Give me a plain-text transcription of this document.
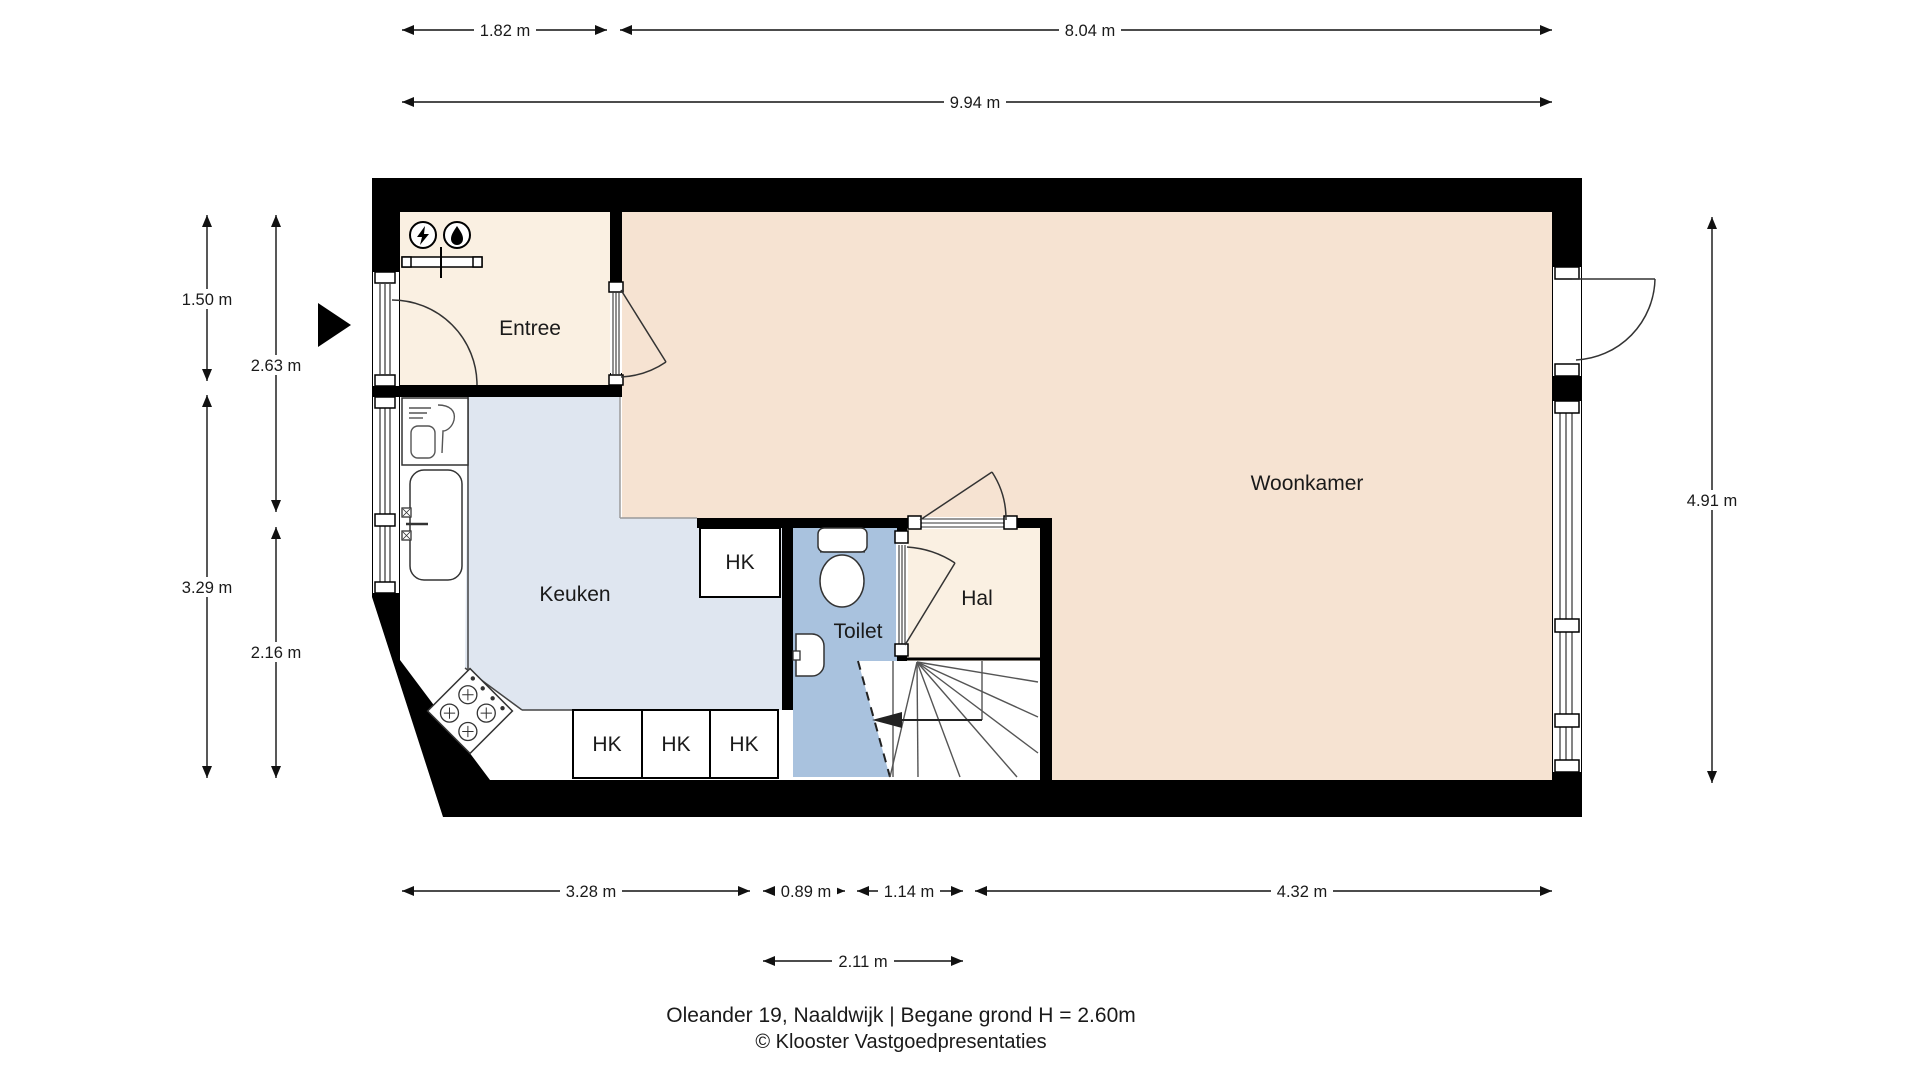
Entree
Keuken
Toilet
Hal
Woonkamer
HK
HK HK HK
1.82 m	8.04 m
9.94 m
1.50 m
3.29 m
2.63 m
2.16 m
4.91 m
3.28 m	0.89 m	1.14 m	4.32 m
2.11 m
Oleander 19, Naaldwijk | Begane grond H = 2.60m
© Klooster Vastgoedpresentaties
